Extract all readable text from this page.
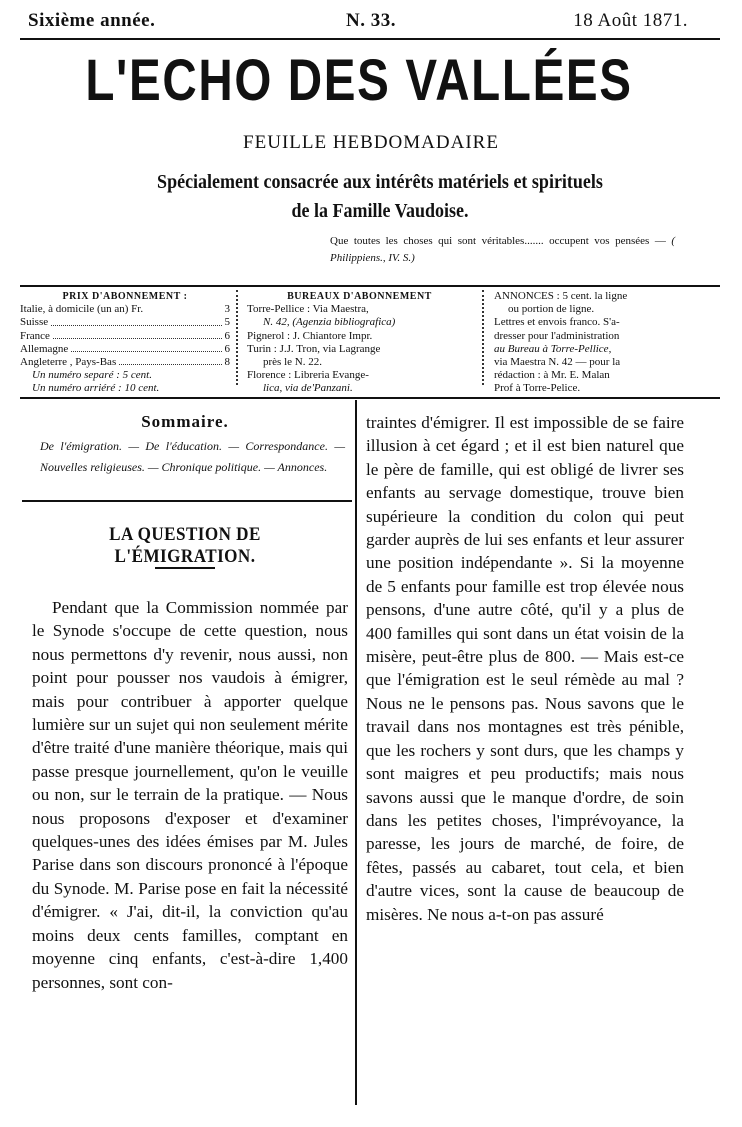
Sixième année.	N. 33.	18 Août 1871.
L'ECHO DES VALLÉES
FEUILLE HEBDOMADAIRE
Spécialement consacrée aux intérêts matériels et spirituels
de la Famille Vaudoise.
Que toutes les choses qui sont véritables....... occupent vos pensées — ( Philippiens., IV. S.)
PRIX D'ABONNEMENT :
Italie, à domicile (un an) Fr.	3
Suisse	5
France	6
Allemagne	6
Angleterre , Pays-Bas	8
Un numéro separé : 5 cent.
Un numéro arriéré : 10 cent.
BUREAUX D'ABONNEMENT
Torre-Pellice : Via Maestra,
N. 42, (Agenzia bibliografica)
Pignerol : J. Chiantore Impr.
Turin : J.J. Tron, via Lagrange
près le N. 22.
Florence : Libreria Evange-
lica, via de'Panzani.
ANNONCES : 5 cent. la ligne
ou portion de ligne.
Lettres et envois franco. S'a-
dresser pour l'administration
au Bureau à Torre-Pellice,
via Maestra N. 42 — pour la
rédaction : à Mr. E. Malan
Prof à Torre-Pelice.
Sommaire.
De l'émigration. — De l'éducation. — Correspondance. — Nouvelles religieuses. — Chronique politique. — Annonces.
LA QUESTION DE L'ÉMIGRATION.
Pendant que la Commission nommée par le Synode s'occupe de cette question, nous nous permettons d'y revenir, nous aussi, non point pour pousser nos vaudois à émigrer, mais pour contribuer à apporter quelque lumière sur un sujet qui non seulement mérite d'être traité d'une manière théorique, mais qui passe presque journellement, qu'on le veuille ou non, sur le terrain de la pratique. — Nous nous proposons d'exposer et d'examiner quelques-unes des idées émises par M. Jules Parise dans son discours prononcé à l'époque du Synode. M. Parise pose en fait la nécessité d'émigrer. « J'ai, dit-il, la conviction qu'au moins deux cents familles, comptant en moyenne cinq enfants, c'est-à-dire 1,400 personnes, sont con-
traintes d'émigrer. Il est impossible de se faire illusion à cet égard ; et il est bien naturel que le père de famille, qui est obligé de livrer ses enfants au servage domestique, trouve bien supérieure la condition du colon qui peut garder auprès de lui ses enfants et leur assurer une position indépendante ». Si la moyenne de 5 enfants pour famille est trop élevée nous pensons, d'une autre côté, qu'il y a plus de 400 familles qui sont dans un état voisin de la misère, peut-être plus de 800. — Mais est-ce que l'émigration est le seul rémède au mal ? Nous ne le pensons pas. Nous savons que le travail dans nos montagnes est très pénible, que les rochers y sont durs, que les champs y sont maigres et peu productifs; mais nous savons aussi que le manque d'ordre, de soin dans les petites choses, l'imprévoyance, la paresse, les jours de marché, de foire, de fêtes, passés au cabaret, tout cela, et bien d'autre vices, sont la cause de beaucoup de misères. Ne nous a-t-on pas assuré
